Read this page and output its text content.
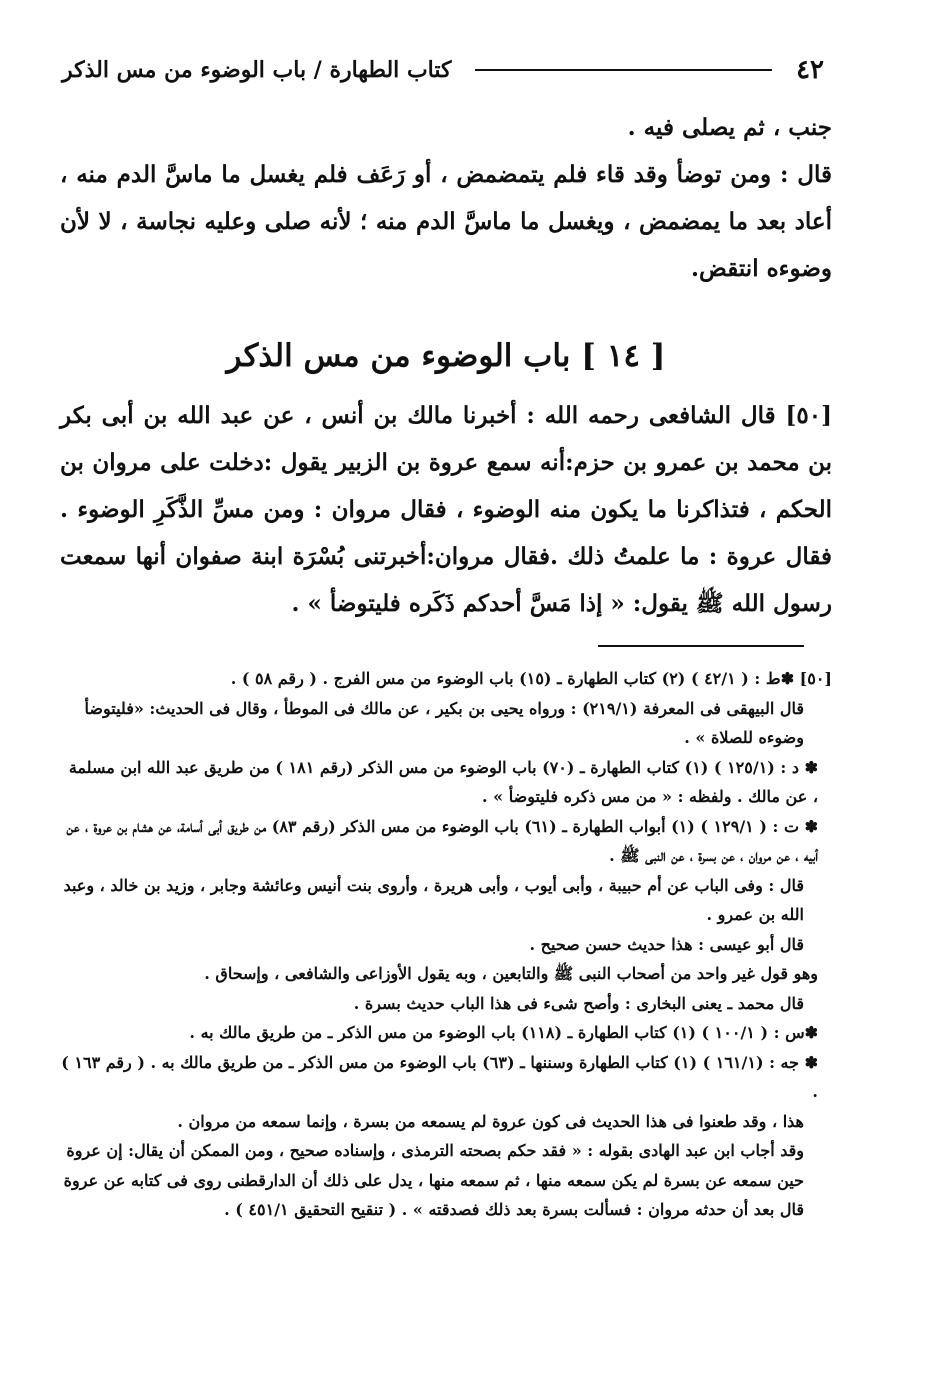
٤٢
كتاب الطهارة / باب الوضوء من مس الذكر

جنب ، ثم يصلى فيه .

قال : ومن توضأ وقد قاء فلم يتمضمض ، أو رَعَف فلم يغسل ما ماسَّ الدم منه ، أعاد بعد ما يمضمض ، ويغسل ما ماسَّ الدم منه ؛ لأنه صلى وعليه نجاسة ، لا لأن وضوءه انتقض.

[ ١٤ ] باب الوضوء من مس الذكر

[٥٠] قال الشافعى رحمه الله : أخبرنا مالك بن أنس ، عن عبد الله بن أبى بكر بن محمد بن عمرو بن حزم:أنه سمع عروة بن الزبير يقول :دخلت على مروان بن الحكم ، فتذاكرنا ما يكون منه الوضوء ، فقال مروان : ومن مسِّ الذَّكَرِ الوضوء . فقال عروة : ما علمتُ ذلك .فقال مروان:أخبرتنى بُسْرَة ابنة صفوان أنها سمعت رسول الله ﷺ يقول: « إذا مَسَّ أحدكم ذَكَره فليتوضأ » .

[٥٠] ✽ط : ( ٤٢/١ ) (٢) كتاب الطهارة ـ (١٥) باب الوضوء من مس الفرج . ( رقم ٥٨ ) .

قال البيهقى فى المعرفة (٢١٩/١) : ورواه يحيى بن بكير ، عن مالك فى الموطأ ، وقال فى الحديث: «فليتوضأ وضوءه للصلاة » .

✽ د : (١٢٥/١ ) (١) كتاب الطهارة ـ (٧٠) باب الوضوء من مس الذكر (رقم ١٨١ ) من طريق عبد الله ابن مسلمة ، عن مالك . ولفظه : « من مس ذكره فليتوضأ » .

✽ ت : ( ١٢٩/١ ) (١) أبواب الطهارة ـ (٦١) باب الوضوء من مس الذكر (رقم ٨٣) من طريق أبى أسامة، عن هشام بن عروة ، عن أبيه ، عن مروان ، عن بسرة ، عن النبى ﷺ .

قال : وفى الباب عن أم حبيبة ، وأبى أيوب ، وأبى هريرة ، وأروى بنت أنيس وعائشة وجابر ، وزيد بن خالد ، وعبد الله بن عمرو .

قال أبو عيسى : هذا حديث حسن صحيح .

وهو قول غير واحد من أصحاب النبى ﷺ والتابعين ، وبه يقول الأوزاعى والشافعى ، وإسحاق .

قال محمد ـ يعنى البخارى : وأصح شىء فى هذا الباب حديث بسرة .

✽س : ( ١٠٠/١ ) (١) كتاب الطهارة ـ (١١٨) باب الوضوء من مس الذكر ـ من طريق مالك به .

✽ جه : (١٦١/١ ) (١) كتاب الطهارة وسننها ـ (٦٣) باب الوضوء من مس الذكر ـ من طريق مالك به . ( رقم ١٦٣ ) .

هذا ، وقد طعنوا فى هذا الحديث فى كون عروة لم يسمعه من بسرة ، وإنما سمعه من مروان .

وقد أجاب ابن عبد الهادى بقوله : « فقد حكم بصحته الترمذى ، وإسناده صحيح ، ومن الممكن أن يقال: إن عروة حين سمعه عن بسرة لم يكن سمعه منها ، ثم سمعه منها ، يدل على ذلك أن الدارقطنى روى فى كتابه عن عروة قال بعد أن حدثه مروان : فسألت بسرة بعد ذلك فصدقته » . ( تنقيح التحقيق ٤٥١/١ ) .
